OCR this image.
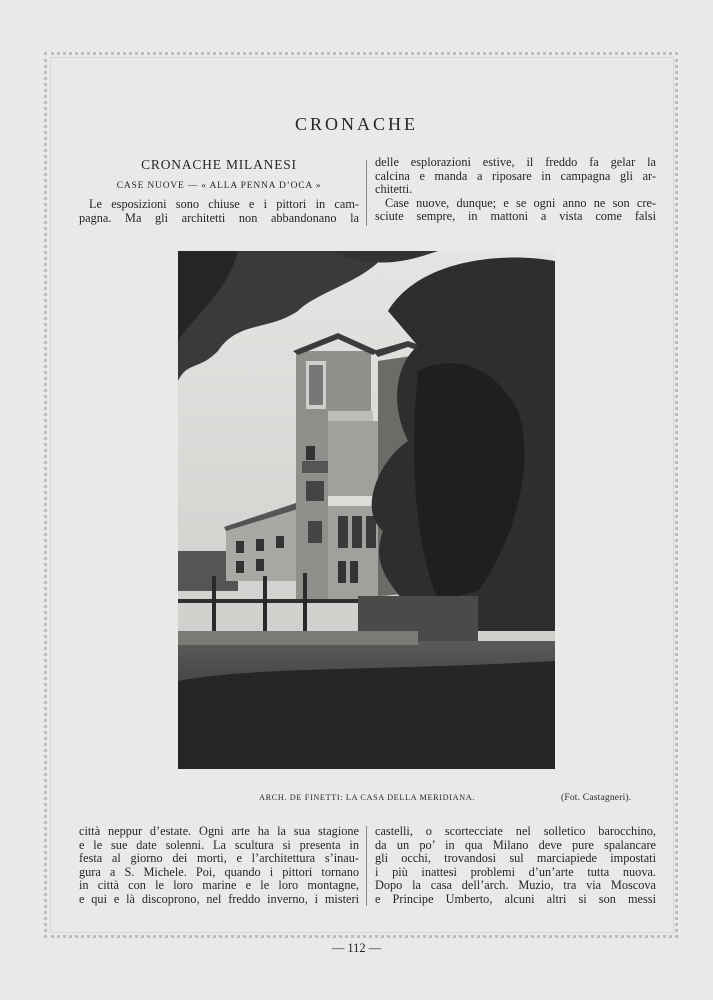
CRONACHE
CRONACHE MILANESI
CASE NUOVE — « ALLA PENNA D’OCA »
Le esposizioni sono chiuse e i pittori in cam-
pagna. Ma gli architetti non abbandonano la
delle esplorazioni estive, il freddo fa gelar la
calcina e manda a riposare in campagna gli ar-
chitetti.
Case nuove, dunque; e se ogni anno ne son cre-
sciute sempre, in mattoni a vista come falsi
ARCH. DE FINETTI: LA CASA DELLA MERIDIANA.	(Fot. Castagneri).
città neppur d’estate. Ogni arte ha la sua stagione
e le sue date solenni. La scultura si presenta in
festa al giorno dei morti, e l’architettura s’inau-
gura a S. Michele. Poi, quando i pittori tornano
in città con le loro marine e le loro montagne,
e qui e là discoprono, nel freddo inverno, i misteri
castelli, o scortecciate nel solletico barocchino,
da un po’ in qua Milano deve pure spalancare
gli occhi, trovandosi sul marciapiede impostati
i più inattesi problemi d’un’arte tutta nuova.
Dopo la casa dell’arch. Muzio, tra via Moscova
e Principe Umberto, alcuni altri si son messi
— 112 —
